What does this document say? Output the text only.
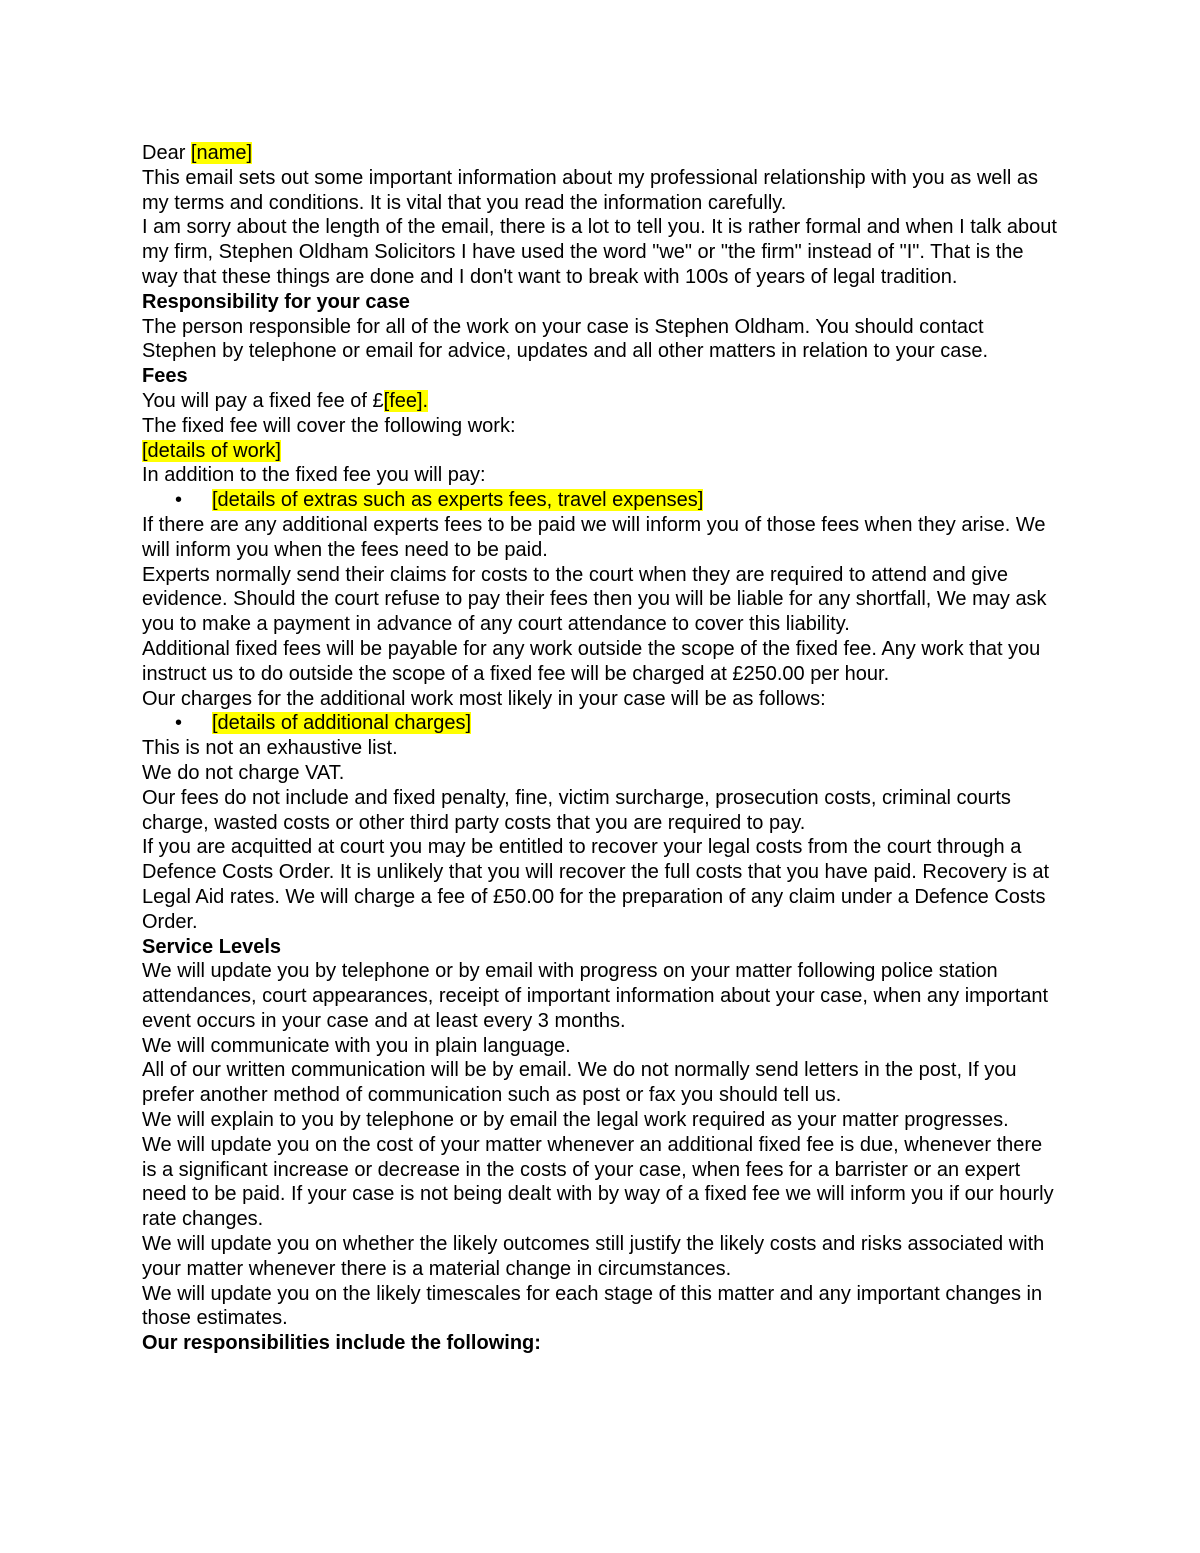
Dear [name]

This email sets out some important information about my professional relationship with you as well as my terms and conditions. It is vital that you read the information carefully.

I am sorry about the length of the email, there is a lot to tell you. It is rather formal and when I talk about my firm, Stephen Oldham Solicitors I have used the word "we" or "the firm" instead of "I". That is the way that these things are done and I don't want to break with 100s of years of legal tradition.

Responsibility for your case

The person responsible for all of the work on your case is Stephen Oldham. You should contact Stephen by telephone or email for advice, updates and all other matters in relation to your case.

Fees

You will pay a fixed fee of £[fee].

The fixed fee will cover the following work:

[details of work]

In addition to the fixed fee you will pay:

• [details of extras such as experts fees, travel expenses]

If there are any additional experts fees to be paid we will inform you of those fees when they arise. We will inform you when the fees need to be paid.

Experts normally send their claims for costs to the court when they are required to attend and give evidence. Should the court refuse to pay their fees then you will be liable for any shortfall, We may ask you to make a payment in advance of any court attendance to cover this liability.

Additional fixed fees will be payable for any work outside the scope of the fixed fee. Any work that you instruct us to do outside the scope of a fixed fee will be charged at £250.00 per hour.

Our charges for the additional work most likely in your case will be as follows:

• [details of additional charges]

This is not an exhaustive list.

We do not charge VAT.

Our fees do not include and fixed penalty, fine, victim surcharge, prosecution costs, criminal courts charge, wasted costs or other third party costs that you are required to pay.

If you are acquitted at court you may be entitled to recover your legal costs from the court through a Defence Costs Order. It is unlikely that you will recover the full costs that you have paid. Recovery is at Legal Aid rates. We will charge a fee of £50.00 for the preparation of any claim under a Defence Costs Order.

Service Levels

We will update you by telephone or by email with progress on your matter following police station attendances, court appearances, receipt of important information about your case, when any important event occurs in your case and at least every 3 months.

We will communicate with you in plain language.

All of our written communication will be by email. We do not normally send letters in the post, If you prefer another method of communication such as post or fax you should tell us.

We will explain to you by telephone or by email the legal work required as your matter progresses.

We will update you on the cost of your matter whenever an additional fixed fee is due, whenever there is a significant increase or decrease in the costs of your case, when fees for a barrister or an expert need to be paid. If your case is not being dealt with by way of a fixed fee we will inform you if our hourly rate changes.

We will update you on whether the likely outcomes still justify the likely costs and risks associated with your matter whenever there is a material change in circumstances.

We will update you on the likely timescales for each stage of this matter and any important changes in those estimates.

Our responsibilities include the following:
